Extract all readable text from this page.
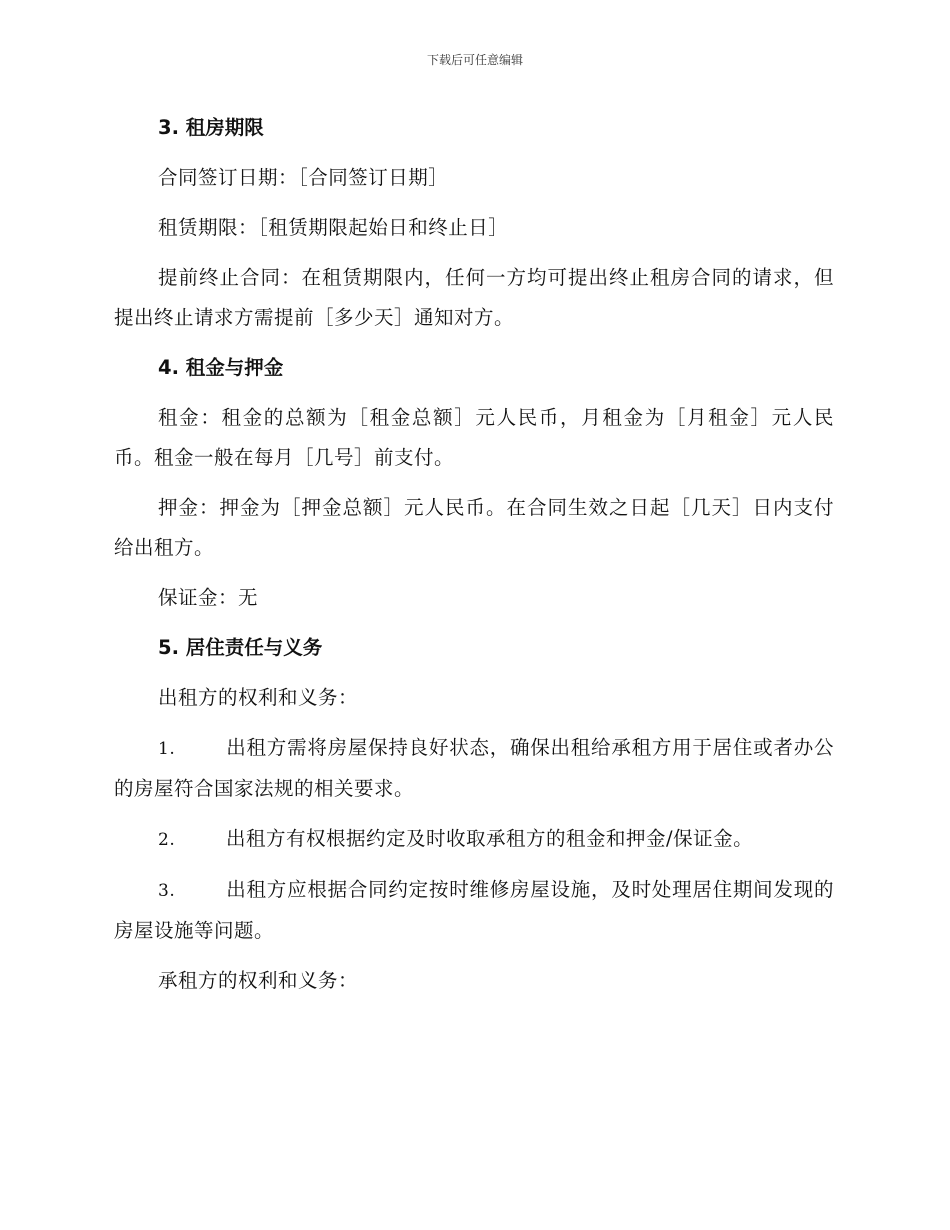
下载后可任意编辑

3. 租房期限

合同签订日期：［合同签订日期］

租赁期限：［租赁期限起始日和终止日］

提前终止合同：在租赁期限内，任何一方均可提出终止租房合同的请求，但提出终止请求方需提前［多少天］通知对方。

4. 租金与押金

租金：租金的总额为［租金总额］元人民币，月租金为［月租金］元人民币。租金一般在每月［几号］前支付。

押金：押金为［押金总额］元人民币。在合同生效之日起［几天］日内支付给出租方。

保证金：无

5. 居住责任与义务

出租方的权利和义务：

1.	出租方需将房屋保持良好状态，确保出租给承租方用于居住或者办公的房屋符合国家法规的相关要求。

2.	出租方有权根据约定及时收取承租方的租金和押金/保证金。

3.	出租方应根据合同约定按时维修房屋设施，及时处理居住期间发现的房屋设施等问题。

承租方的权利和义务：
